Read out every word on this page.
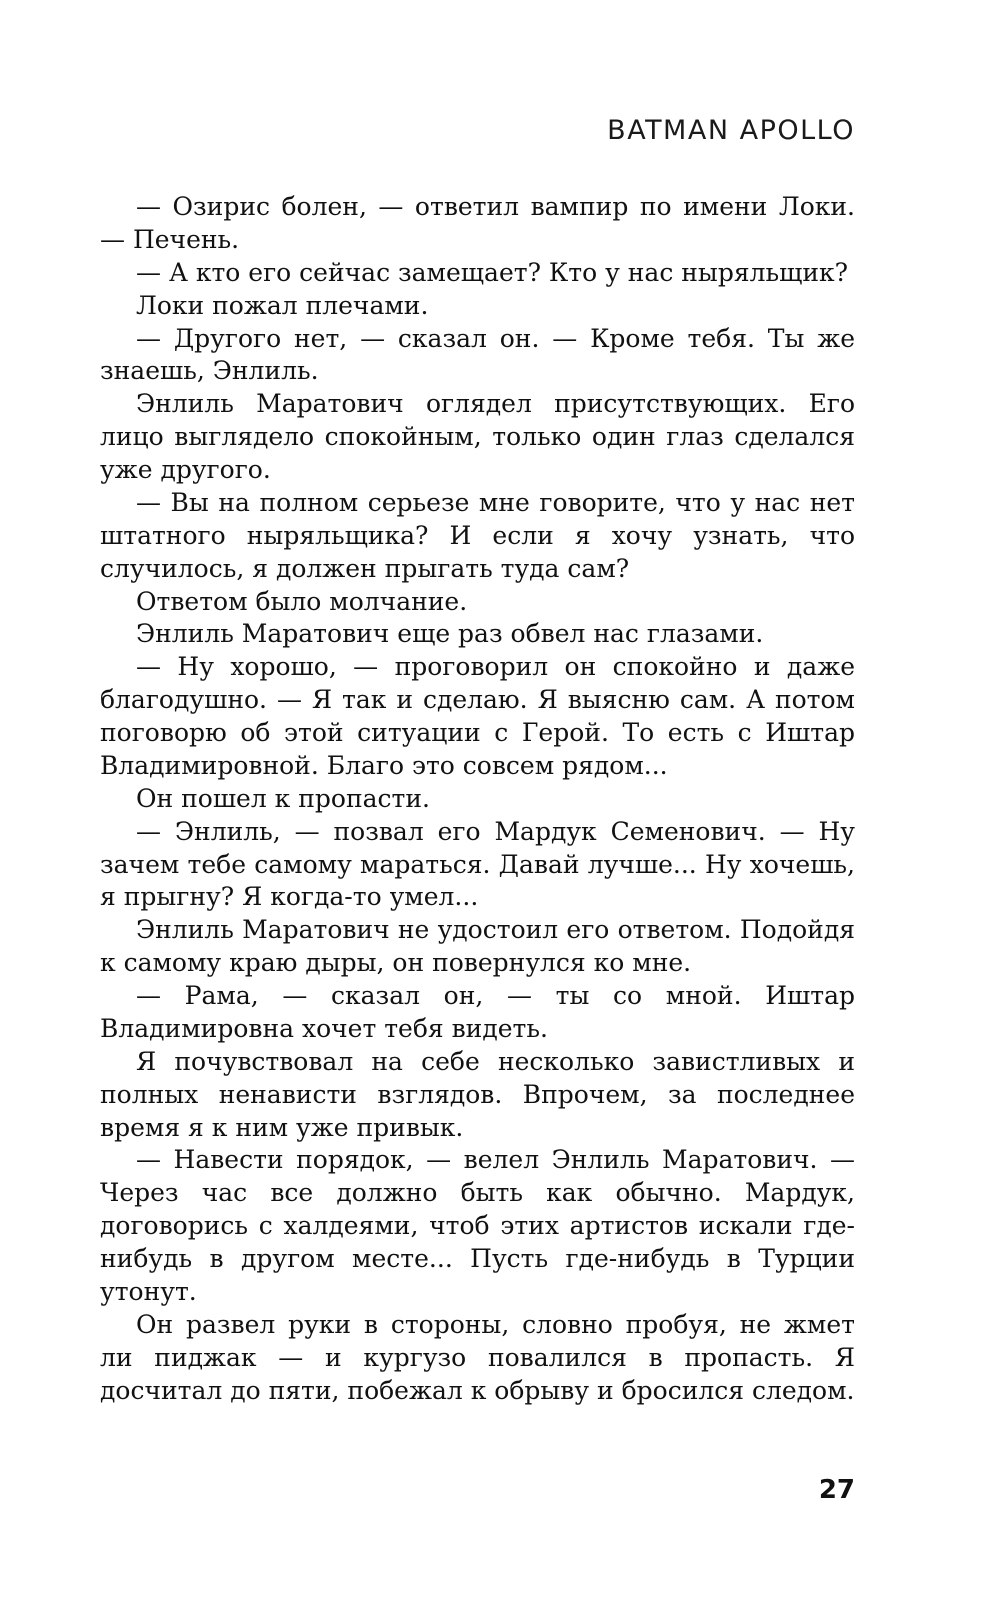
BATMAN APOLLO

— Озирис болен, — ответил вампир по имени Локи. — Печень.

— А кто его сейчас замещает? Кто у нас ныряльщик?

Локи пожал плечами.

— Другого нет, — сказал он. — Кроме тебя. Ты же знаешь, Энлиль.

Энлиль Маратович оглядел присутствующих. Его лицо выглядело спокойным, только один глаз сделался уже другого.

— Вы на полном серьезе мне говорите, что у нас нет штатного ныряльщика? И если я хочу узнать, что случилось, я должен прыгать туда сам?

Ответом было молчание.

Энлиль Маратович еще раз обвел нас глазами.

— Ну хорошо, — проговорил он спокойно и даже благодушно. — Я так и сделаю. Я выясню сам. А потом поговорю об этой ситуации с Герой. То есть с Иштар Владимировной. Благо это совсем рядом...

Он пошел к пропасти.

— Энлиль, — позвал его Мардук Семенович. — Ну зачем тебе самому мараться. Давай лучше... Ну хочешь, я прыгну? Я когда-то умел...

Энлиль Маратович не удостоил его ответом. Подойдя к самому краю дыры, он повернулся ко мне.

— Рама, — сказал он, — ты со мной. Иштар Владимировна хочет тебя видеть.

Я почувствовал на себе несколько завистливых и полных ненависти взглядов. Впрочем, за последнее время я к ним уже привык.

— Навести порядок, — велел Энлиль Маратович. — Через час все должно быть как обычно. Мардук, договорись с халдеями, чтоб этих артистов искали где-нибудь в другом месте... Пусть где-нибудь в Турции утонут.

Он развел руки в стороны, словно пробуя, не жмет ли пиджак — и кургузо повалился в пропасть. Я досчитал до пяти, побежал к обрыву и бросился следом.

27
